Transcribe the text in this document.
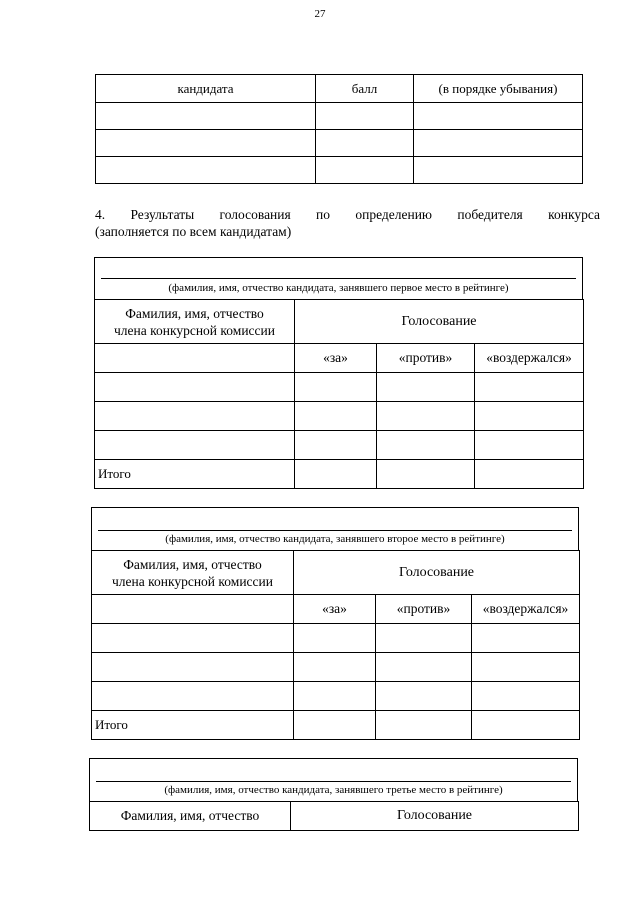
27
кандидата	балл	(в порядке убывания)

4. Результаты голосования по определению победителя конкурса
(заполняется по всем кандидатам)
(фамилия, имя, отчество кандидата, занявшего первое место в рейтинге)
Фамилия, имя, отчество
члена конкурсной комиссии	Голосование		
	«за»	«против»	«воздержался»

Итого			
(фамилия, имя, отчество кандидата, занявшего второе место в рейтинге)
Фамилия, имя, отчество
члена конкурсной комиссии	Голосование		
	«за»	«против»	«воздержался»

Итого			
(фамилия, имя, отчество кандидата, занявшего третье место в рейтинге)
Фамилия, имя, отчество	Голосование
